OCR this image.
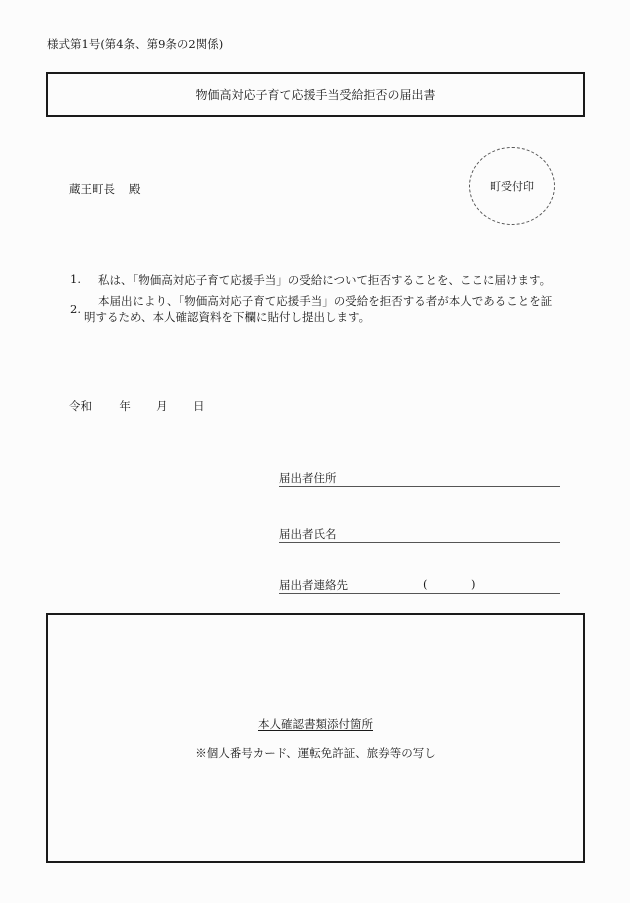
様式第1号(第4条、第9条の2関係)
物価高対応子育て応援手当受給拒否の届出書
蔵王町長 殿	町受付印
1. 私は、「物価高対応子育て応援手当」の受給について拒否することを、ここに届けます。
2.
本届出により、「物価高対応子育て応援手当」の受給を拒否する者が本人であることを証
明するため、本人確認資料を下欄に貼付し提出します。
令和 年 月 日
届出者住所
届出者氏名
届出者連絡先	(	)
本人確認書類添付箇所
※個人番号カード、運転免許証、旅券等の写し
